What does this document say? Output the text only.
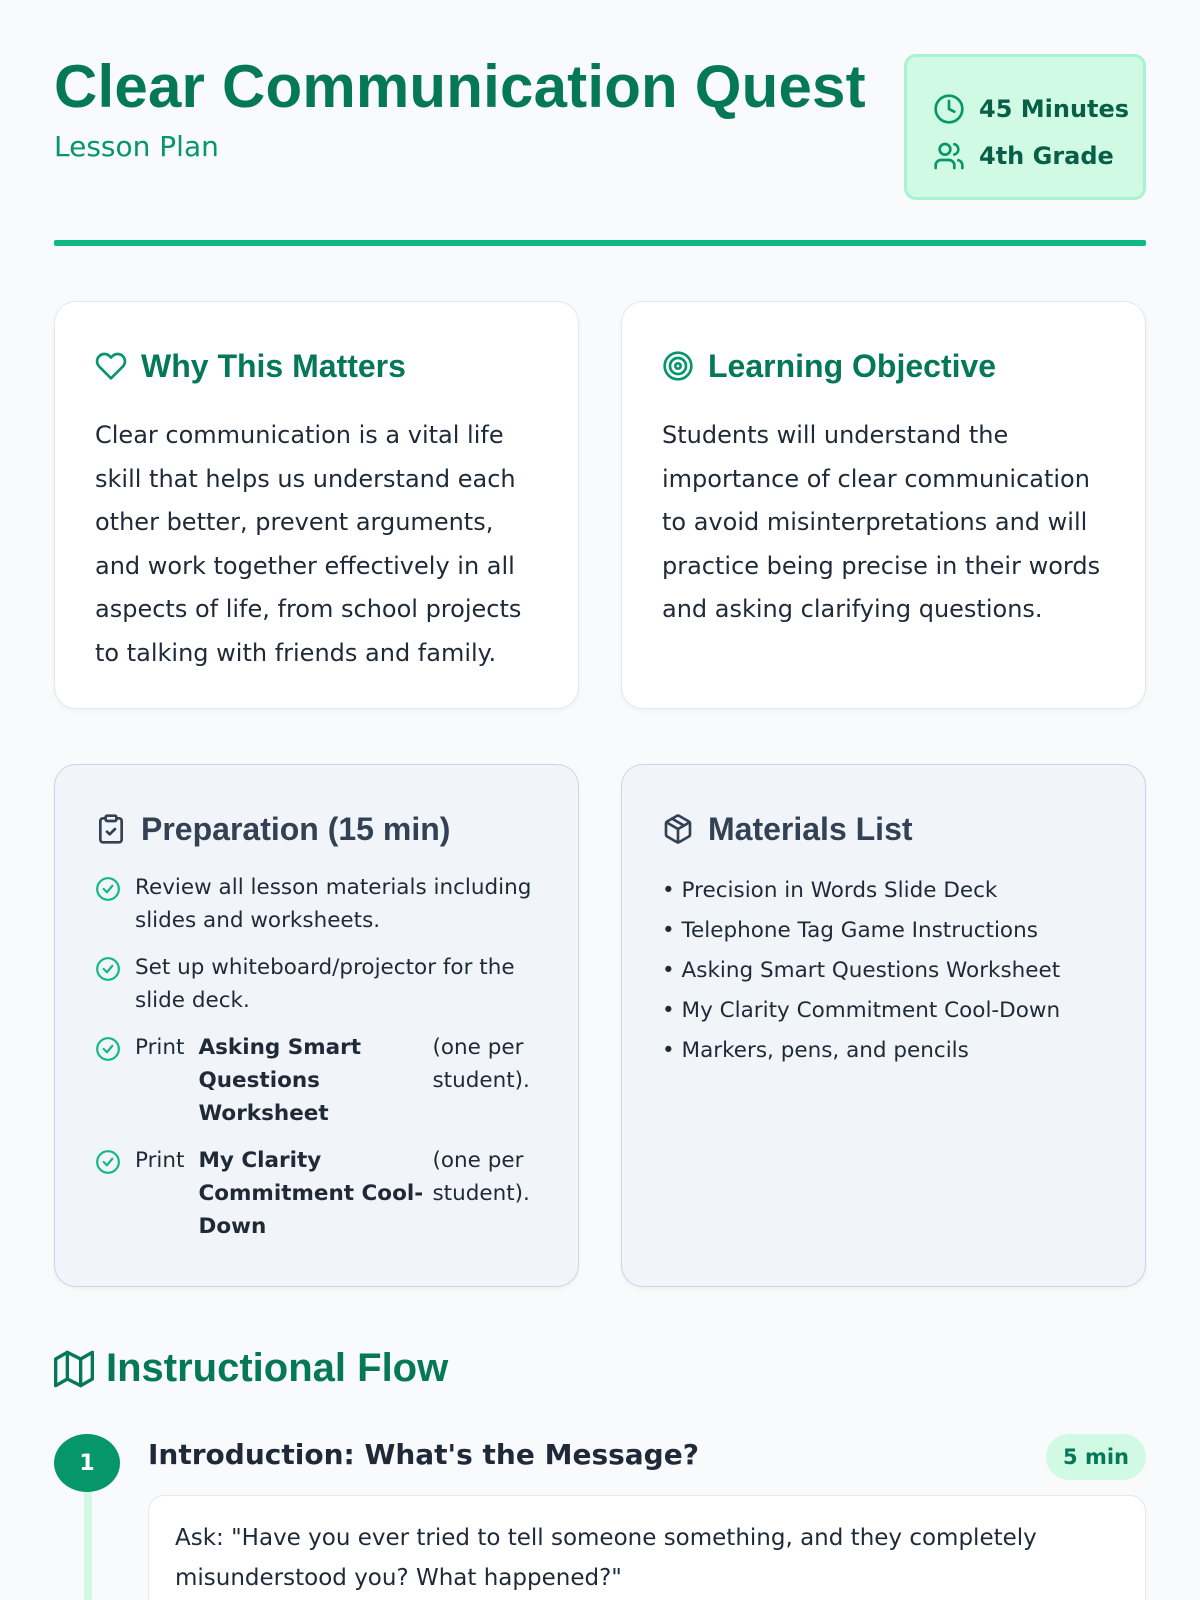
Clear Communication Quest
Lesson Plan
45 Minutes
4th Grade
Why This Matters

Clear communication is a vital life skill that helps us understand each other better, prevent arguments, and work together effectively in all aspects of life, from school projects to talking with friends and family.

Learning Objective

Students will understand the importance of clear communication to avoid misinterpretations and will practice being precise in their words and asking clarifying questions.

Preparation (15 min)
Review all lesson materials including slides and worksheets.
Set up whiteboard/projector for the slide deck.
Print Asking Smart Questions Worksheet
(one per student).
Print My Clarity Commitment Cool-Down
(one per student).
Materials List
• Precision in Words Slide Deck
• Telephone Tag Game Instructions
• Asking Smart Questions Worksheet
• My Clarity Commitment Cool-Down
• Markers, pens, and pencils
Instructional Flow
1	Introduction: What's the Message?	5 min

Ask: "Have you ever tried to tell someone something, and they completely misunderstood you? What happened?"
